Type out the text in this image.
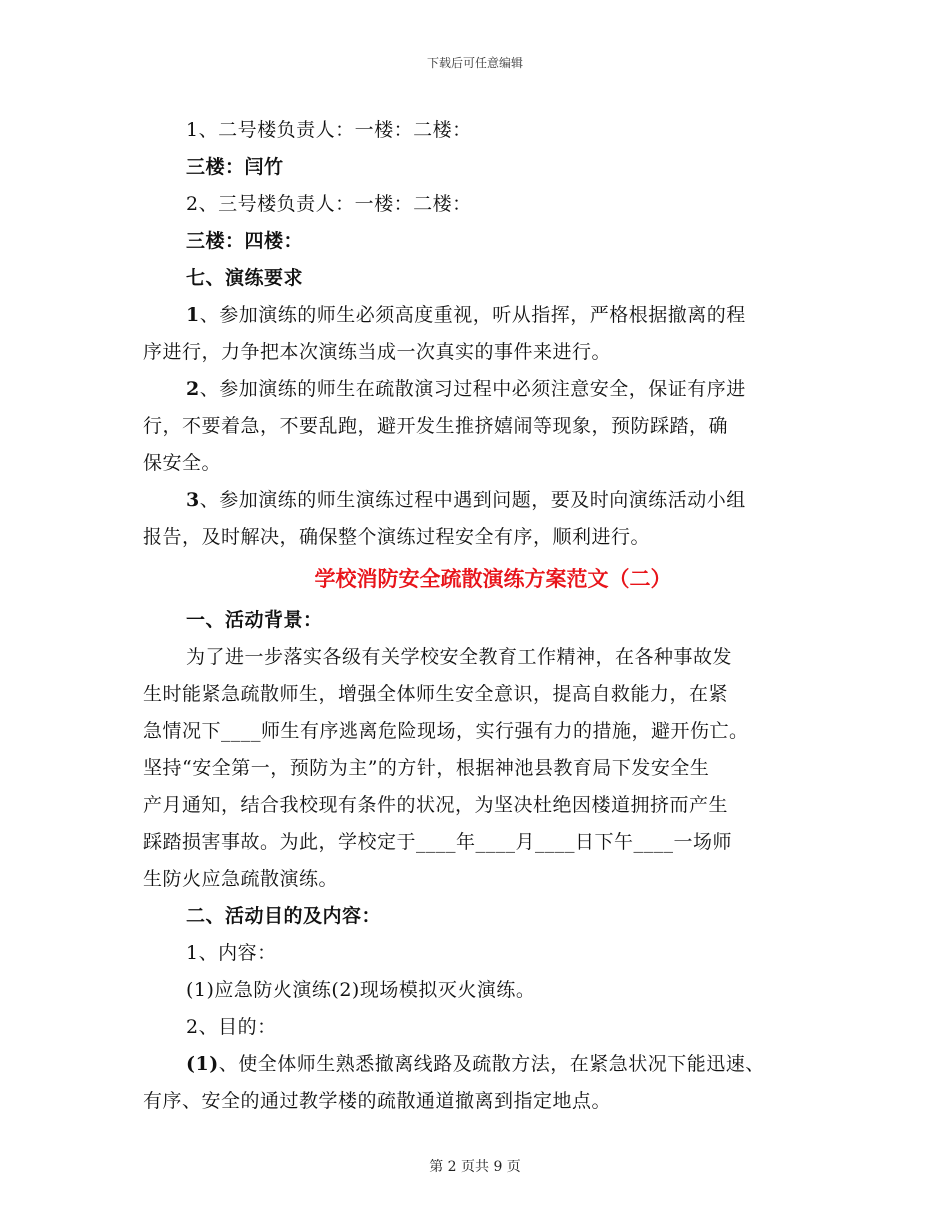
下载后可任意编辑

1、二号楼负责人：一楼：二楼：

三楼：闫竹

2、三号楼负责人：一楼：二楼：

三楼：四楼：

七、演练要求

1、参加演练的师生必须高度重视，听从指挥，严格根据撤离的程
序进行，力争把本次演练当成一次真实的事件来进行。

2、参加演练的师生在疏散演习过程中必须注意安全，保证有序进
行，不要着急，不要乱跑，避开发生推挤嬉闹等现象，预防踩踏，确
保安全。

3、参加演练的师生演练过程中遇到问题，要及时向演练活动小组
报告，及时解决，确保整个演练过程安全有序，顺利进行。

学校消防安全疏散演练方案范文（二）

一、活动背景：

为了进一步落实各级有关学校安全教育工作精神，在各种事故发
生时能紧急疏散师生，增强全体师生安全意识，提高自救能力，在紧
急情况下____师生有序逃离危险现场，实行强有力的措施，避开伤亡。
坚持“安全第一，预防为主”的方针，根据神池县教育局下发安全生
产月通知，结合我校现有条件的状况，为坚决杜绝因楼道拥挤而产生
踩踏损害事故。为此，学校定于____年____月____日下午____一场师
生防火应急疏散演练。

二、活动目的及内容：

1、内容：

(1)应急防火演练(2)现场模拟灭火演练。

2、目的：

(1)、使全体师生熟悉撤离线路及疏散方法，在紧急状况下能迅速、
有序、安全的通过教学楼的疏散通道撤离到指定地点。

第 2 页共 9 页
